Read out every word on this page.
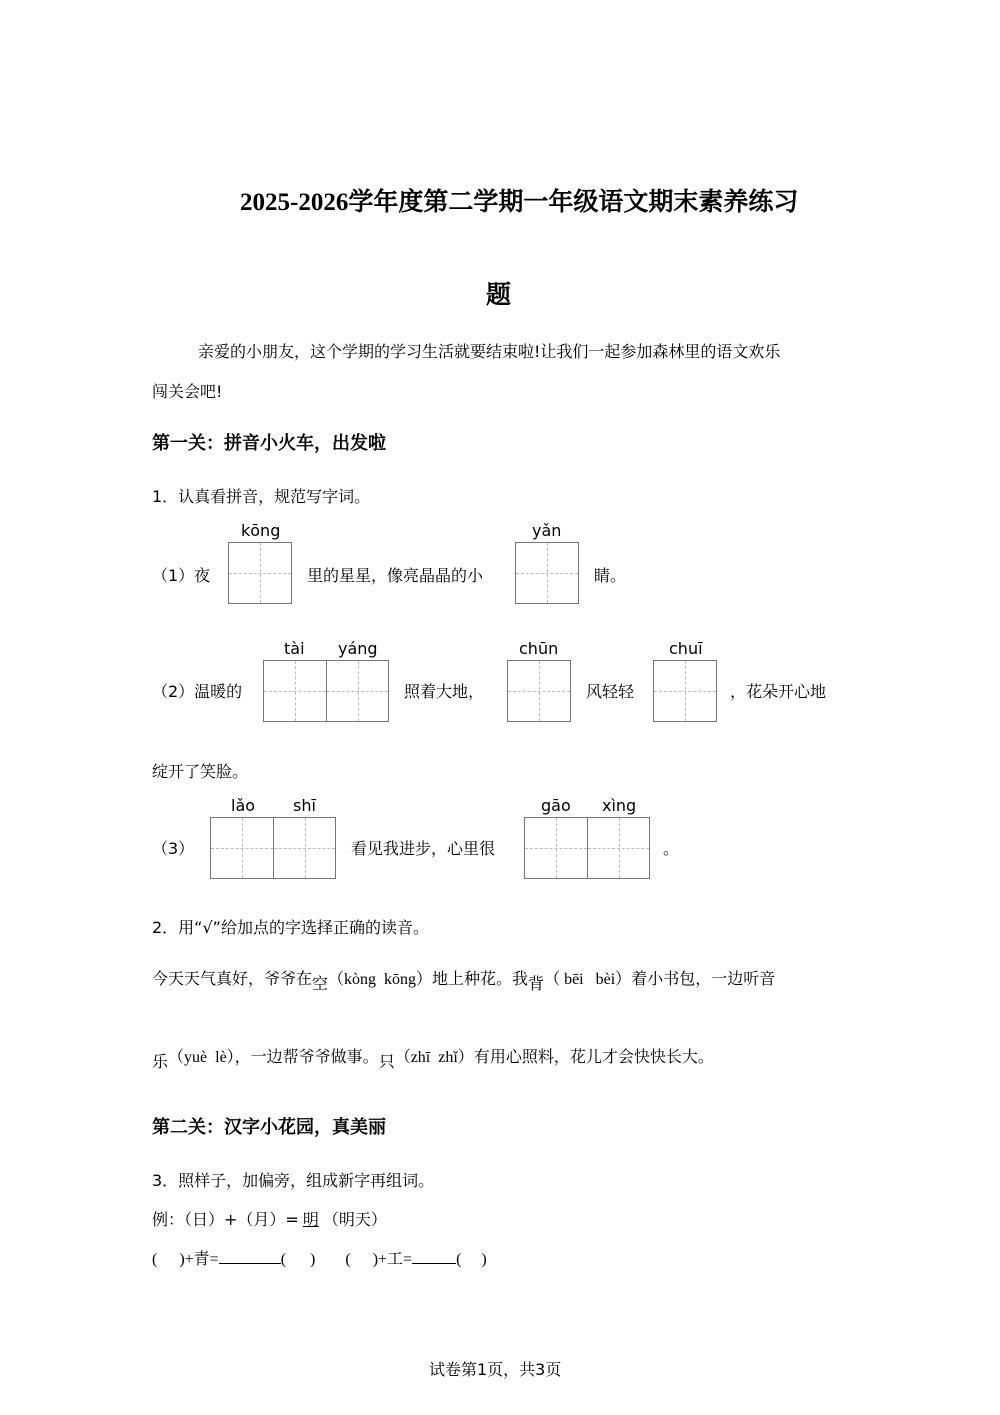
2025-2026学年度第二学期一年级语文期末素养练习
题
亲爱的小朋友，这个学期的学习生活就要结束啦!让我们一起参加森林里的语文欢乐
闯关会吧!
第一关：拼音小火车，出发啦
1．认真看拼音，规范写字词。
（1）夜
kōng
里的星星，像亮晶晶的小
yǎn
睛。
（2）温暖的
tài yáng
照着大地，
chūn
风轻轻
chuī
，花朵开心地
绽开了笑脸。
（3）
lǎo shī
看见我进步，心里很
gāo xìng
。
2．用“√”给加点的字选择正确的读音。
今天天气真好，爷爷在空（kòng  kōng）地上种花。我背（ bēi   bèi）着小书包，一边听音
乐（yuè  lè），一边帮爷爷做事。只（zhī  zhǐ）有用心照料，花儿才会快快长大。
第二关：汉字小花园，真美丽
3．照样子，加偏旁，组成新字再组词。
例：（日）+（月）= 明 （明天）
( )+青=	(      ) ( )+工=	(     )
试卷第1页，共3页
